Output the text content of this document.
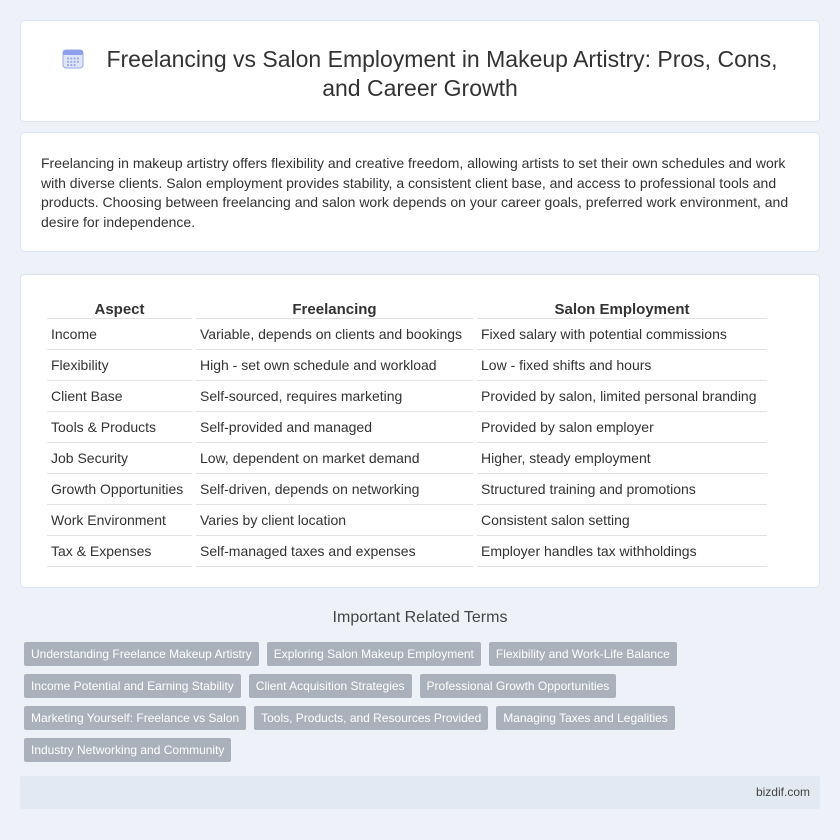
Freelancing vs Salon Employment in Makeup Artistry: Pros, Cons, and Career Growth

Freelancing in makeup artistry offers flexibility and creative freedom, allowing artists to set their own schedules and work with diverse clients. Salon employment provides stability, a consistent client base, and access to professional tools and products. Choosing between freelancing and salon work depends on your career goals, preferred work environment, and desire for independence.

Aspect	Freelancing	Salon Employment
Income	Variable, depends on clients and bookings	Fixed salary with potential commissions
Flexibility	High - set own schedule and workload	Low - fixed shifts and hours
Client Base	Self-sourced, requires marketing	Provided by salon, limited personal branding
Tools & Products	Self-provided and managed	Provided by salon employer
Job Security	Low, dependent on market demand	Higher, steady employment
Growth Opportunities	Self-driven, depends on networking	Structured training and promotions
Work Environment	Varies by client location	Consistent salon setting
Tax & Expenses	Self-managed taxes and expenses	Employer handles tax withholdings
Important Related Terms
Understanding Freelance Makeup Artistry	Exploring Salon Makeup Employment	Flexibility and Work-Life Balance
Income Potential and Earning Stability	Client Acquisition Strategies	Professional Growth Opportunities
Marketing Yourself: Freelance vs Salon	Tools, Products, and Resources Provided	Managing Taxes and Legalities
Industry Networking and Community
bizdif.com
